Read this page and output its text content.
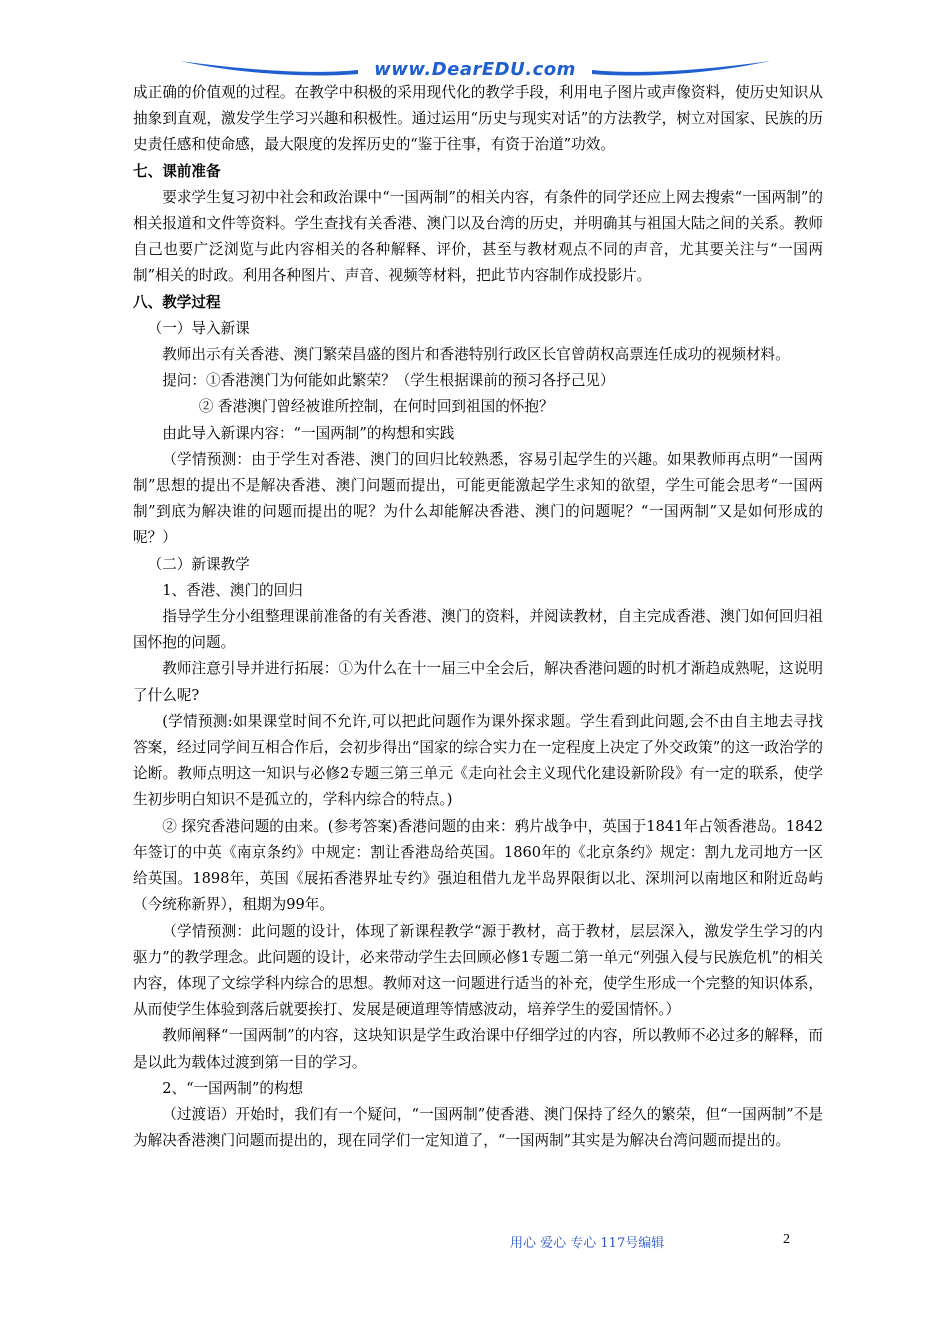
www.DearEDU.com

成正确的价值观的过程。在教学中积极的采用现代化的教学手段，利用电子图片或声像资料，使历史知识从抽象到直观，激发学生学习兴趣和积极性。通过运用“历史与现实对话”的方法教学，树立对国家、民族的历史责任感和使命感，最大限度的发挥历史的“鉴于往事，有资于治道”功效。

七、课前准备

要求学生复习初中社会和政治课中“一国两制”的相关内容，有条件的同学还应上网去搜索“一国两制”的相关报道和文件等资料。学生查找有关香港、澳门以及台湾的历史，并明确其与祖国大陆之间的关系。教师自己也要广泛浏览与此内容相关的各种解释、评价，甚至与教材观点不同的声音，尤其要关注与“一国两制”相关的时政。利用各种图片、声音、视频等材料，把此节内容制作成投影片。

八、教学过程

（一）导入新课

教师出示有关香港、澳门繁荣昌盛的图片和香港特别行政区长官曾荫权高票连任成功的视频材料。

提问：①香港澳门为何能如此繁荣？（学生根据课前的预习各抒己见）

② 香港澳门曾经被谁所控制，在何时回到祖国的怀抱？

由此导入新课内容：“一国两制”的构想和实践

（学情预测：由于学生对香港、澳门的回归比较熟悉，容易引起学生的兴趣。如果教师再点明“一国两制”思想的提出不是解决香港、澳门问题而提出，可能更能激起学生求知的欲望，学生可能会思考“一国两制”到底为解决谁的问题而提出的呢？为什么却能解决香港、澳门的问题呢？“一国两制”又是如何形成的呢？）

（二）新课教学

1、香港、澳门的回归

指导学生分小组整理课前准备的有关香港、澳门的资料，并阅读教材，自主完成香港、澳门如何回归祖国怀抱的问题。

教师注意引导并进行拓展：①为什么在十一届三中全会后，解决香港问题的时机才渐趋成熟呢，这说明了什么呢?

(学情预测:如果课堂时间不允许,可以把此问题作为课外探求题。学生看到此问题,会不由自主地去寻找答案，经过同学间互相合作后，会初步得出“国家的综合实力在一定程度上决定了外交政策”的这一政治学的论断。教师点明这一知识与必修2专题三第三单元《走向社会主义现代化建设新阶段》有一定的联系，使学生初步明白知识不是孤立的，学科内综合的特点。)

② 探究香港问题的由来。(参考答案)香港问题的由来：鸦片战争中，英国于1841年占领香港岛。1842年签订的中英《南京条约》中规定：割让香港岛给英国。1860年的《北京条约》规定：割九龙司地方一区给英国。1898年，英国《展拓香港界址专约》强迫租借九龙半岛界限街以北、深圳河以南地区和附近岛屿（今统称新界），租期为99年。

（学情预测：此问题的设计，体现了新课程教学“源于教材，高于教材，层层深入，激发学生学习的内驱力”的教学理念。此问题的设计，必来带动学生去回顾必修1专题二第一单元“列强入侵与民族危机”的相关内容，体现了文综学科内综合的思想。教师对这一问题进行适当的补充，使学生形成一个完整的知识体系，从而使学生体验到落后就要挨打、发展是硬道理等情感波动，培养学生的爱国情怀。）

教师阐释“一国两制”的内容，这块知识是学生政治课中仔细学过的内容，所以教师不必过多的解释，而是以此为载体过渡到第一目的学习。

2、“一国两制”的构想

（过渡语）开始时，我们有一个疑问，“一国两制”使香港、澳门保持了经久的繁荣，但“一国两制”不是为解决香港澳门问题而提出的，现在同学们一定知道了，“一国两制”其实是为解决台湾问题而提出的。

用心 爱心 专心 117号编辑	2
